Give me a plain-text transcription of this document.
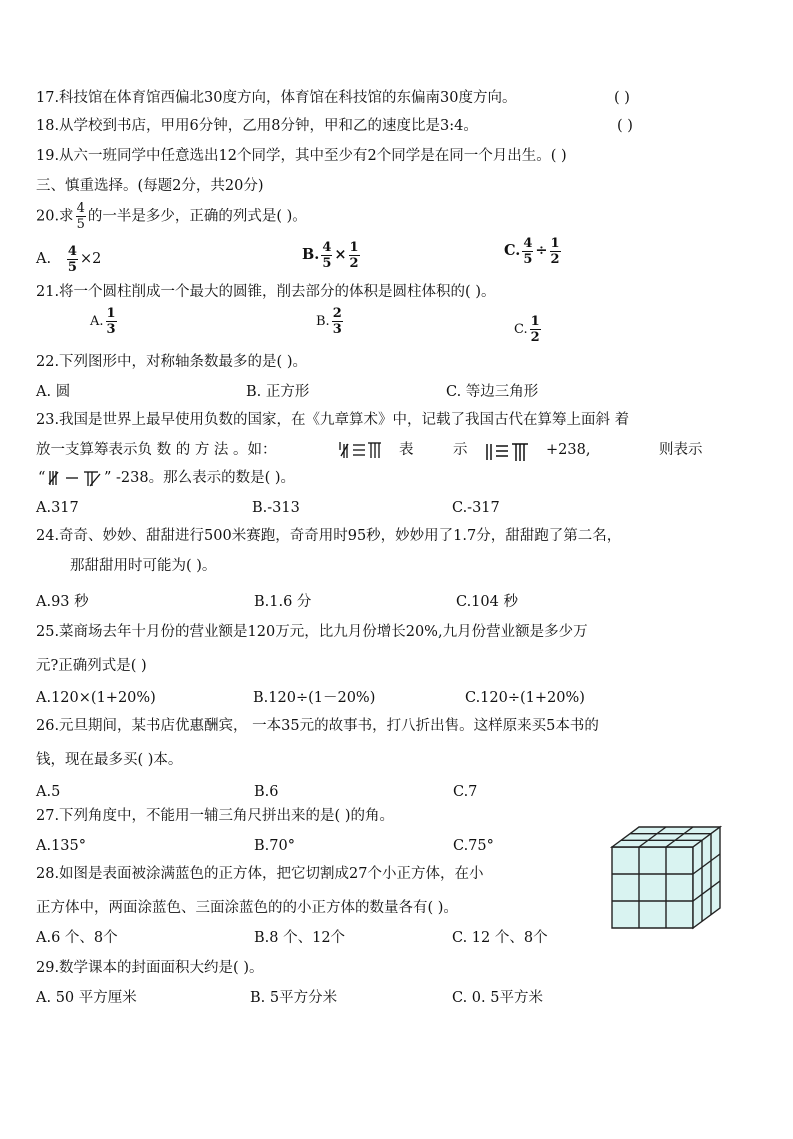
17.科技馆在体育馆西偏北30度方向，体育馆在科技馆的东偏南30度方向。	( )
18.从学校到书店，甲用6分钟，乙用8分钟，甲和乙的速度比是3:4。	( )
19.从六一班同学中任意选出12个同学，其中至少有2个同学是在同一个月出生。( )
三、慎重选择。(每题2分，共20分)
20.求 $\frac{4}{5}$ 的一半是多少，正确的列式是( )。
A. $\frac{4}{5} \times 2$	B. $\frac{4}{5} \times \frac{1}{2}$	C. $\frac{4}{5} \div \frac{1}{2}$
21.将一个圆柱削成一个最大的圆锥，削去部分的体积是圆柱体积的( )。
A. $\frac{1}{3}$	B. $\frac{2}{3}$	C. $\frac{1}{2}$
22.下列图形中，对称轴条数最多的是( )。
A. 圆	B. 正方形	C. 等边三角形
23.我国是世界上最早使用负数的国家，在《九章算术》中，记载了我国古代在算筹上面斜 着
放一支算筹表示负 数 的 方 法 。如：	表	示	+238,	则表示
“	” -238。那么表示的数是( )。
A.317	B.-313	C.-317
24.奇奇、妙妙、甜甜进行500米赛跑，奇奇用时95秒，妙妙用了1.7分，甜甜跑了第二名，
那甜甜用时可能为( )。
A.93 秒	B.1.6 分	C.104 秒
25.菜商场去年十月份的营业额是120万元，比九月份增长20%,九月份营业额是多少万
元?正确列式是( )
A.120×(1+20%)	B.120÷(1－20%)	C.120÷(1+20%)
26.元旦期间，某书店优惠酬宾， 一本35元的故事书，打八折出售。这样原来买5本书的
钱，现在最多买( )本。
A.5	B.6	C.7
27.下列角度中，不能用一辅三角尺拼出来的是( )的角。
A.135°	B.70°	C.75°
28.如图是表面被涂满蓝色的正方体，把它切割成27个小正方体，在小
正方体中，两面涂蓝色、三面涂蓝色的的小正方体的数量各有( )。
A.6 个、8个	B.8 个、12个	C. 12 个、8个
29.数学课本的封面面积大约是( )。
A. 50 平方厘米	B. 5平方分米	C. 0. 5平方米
